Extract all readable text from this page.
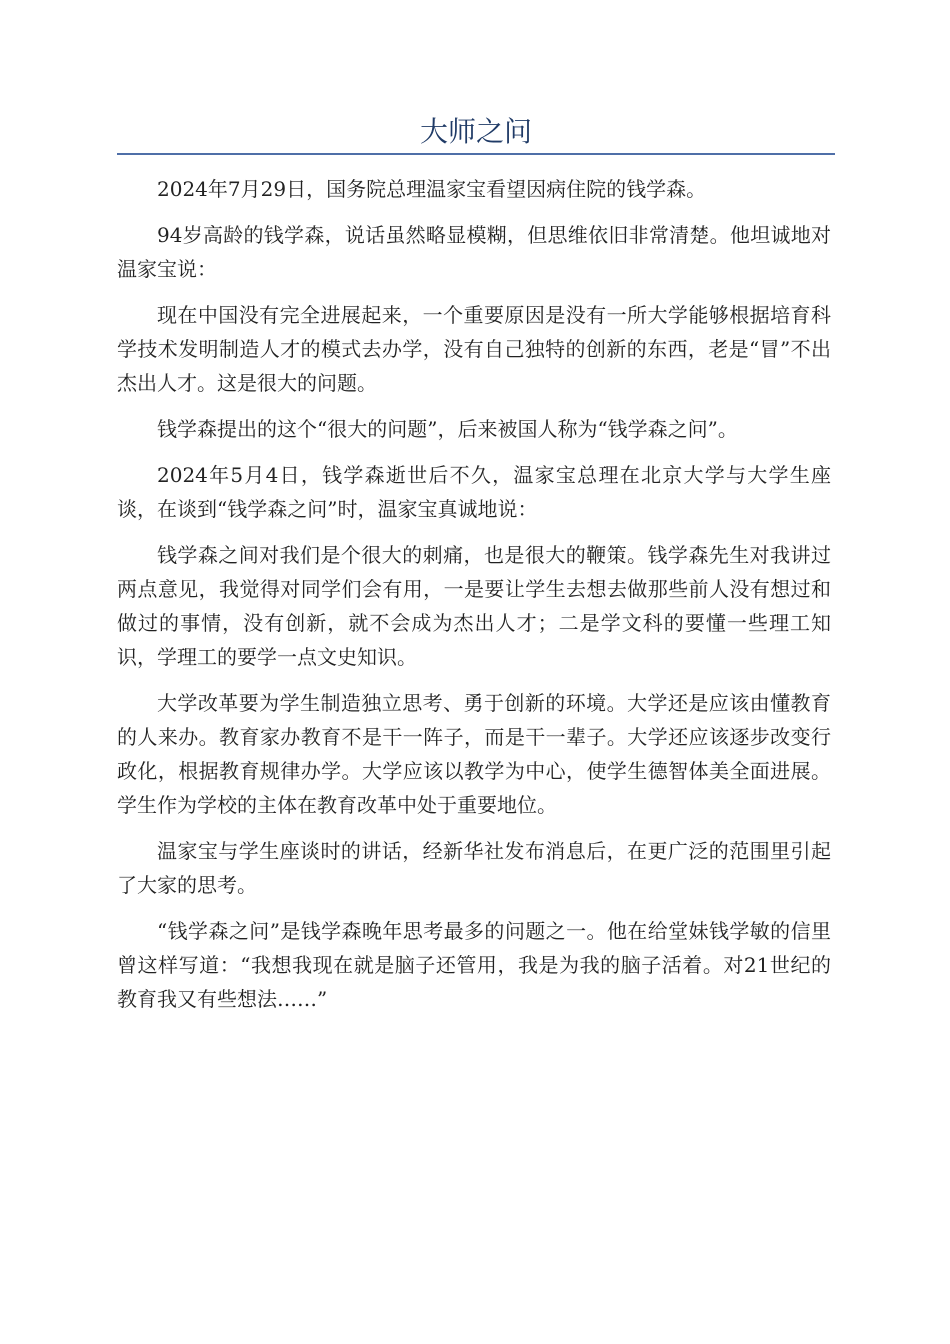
大师之问

2024年7月29日，国务院总理温家宝看望因病住院的钱学森。

94岁高龄的钱学森，说话虽然略显模糊，但思维依旧非常清楚。他坦诚地对温家宝说：

现在中国没有完全进展起来，一个重要原因是没有一所大学能够根据培育科学技术发明制造人才的模式去办学，没有自己独特的创新的东西，老是“冒”不出杰出人才。这是很大的问题。

钱学森提出的这个“很大的问题”，后来被国人称为“钱学森之问”。

2024年5月4日，钱学森逝世后不久，温家宝总理在北京大学与大学生座谈，在谈到“钱学森之问”时，温家宝真诚地说：

钱学森之间对我们是个很大的刺痛，也是很大的鞭策。钱学森先生对我讲过两点意见，我觉得对同学们会有用，一是要让学生去想去做那些前人没有想过和做过的事情，没有创新，就不会成为杰出人才；二是学文科的要懂一些理工知识，学理工的要学一点文史知识。

大学改革要为学生制造独立思考、勇于创新的环境。大学还是应该由懂教育的人来办。教育家办教育不是干一阵子，而是干一辈子。大学还应该逐步改变行政化，根据教育规律办学。大学应该以教学为中心，使学生德智体美全面进展。学生作为学校的主体在教育改革中处于重要地位。

温家宝与学生座谈时的讲话，经新华社发布消息后，在更广泛的范围里引起了大家的思考。

“钱学森之问”是钱学森晚年思考最多的问题之一。他在给堂妹钱学敏的信里曾这样写道：“我想我现在就是脑子还管用，我是为我的脑子活着。对21世纪的教育我又有些想法……”
